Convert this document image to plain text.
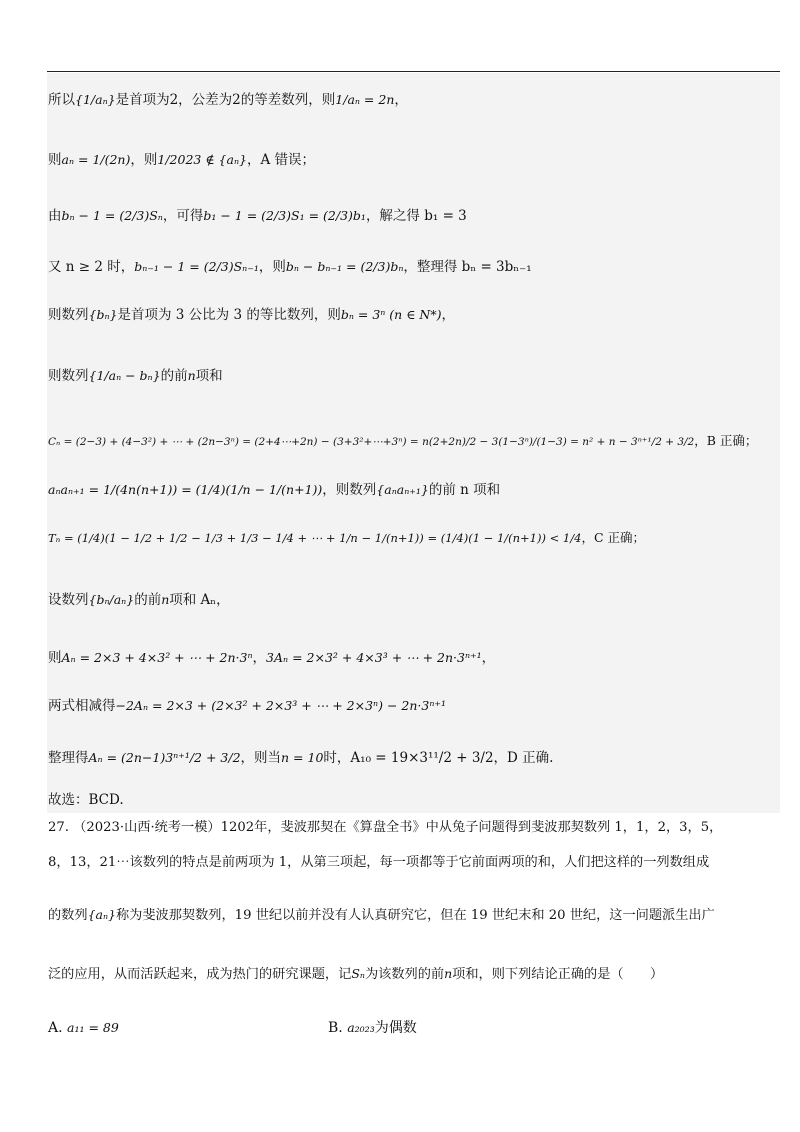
所以{1/aₙ}是首项为2，公差为2的等差数列，则1/aₙ = 2n，
则aₙ = 1/(2n)，则1/2023 ∉ {aₙ}，A 错误；
由bₙ − 1 = (2/3)Sₙ，可得b₁ − 1 = (2/3)S₁ = (2/3)b₁，解之得 b₁ = 3
又 n ≥ 2 时，bₙ₋₁ − 1 = (2/3)Sₙ₋₁，则bₙ − bₙ₋₁ = (2/3)bₙ，整理得 bₙ = 3bₙ₋₁
则数列{bₙ}是首项为 3 公比为 3 的等比数列，则bₙ = 3ⁿ (n ∈ N*)，
则数列{1/aₙ − bₙ}的前n项和
Cₙ = (2−3) + (4−3²) + ⋯ + (2n−3ⁿ) = (2+4⋯+2n) − (3+3²+⋯+3ⁿ) = n(2+2n)/2 − 3(1−3ⁿ)/(1−3) = n² + n − 3ⁿ⁺¹/2 + 3/2，B 正确；
aₙaₙ₊₁ = 1/(4n(n+1)) = (1/4)(1/n − 1/(n+1))，则数列{aₙaₙ₊₁}的前 n 项和
Tₙ = (1/4)(1 − 1/2 + 1/2 − 1/3 + 1/3 − 1/4 + ⋯ + 1/n − 1/(n+1)) = (1/4)(1 − 1/(n+1)) < 1/4，C 正确；
设数列{bₙ/aₙ}的前n项和 Aₙ，
则Aₙ = 2×3 + 4×3² + ⋯ + 2n·3ⁿ，3Aₙ = 2×3² + 4×3³ + ⋯ + 2n·3ⁿ⁺¹，
两式相减得−2Aₙ = 2×3 + (2×3² + 2×3³ + ⋯ + 2×3ⁿ) − 2n·3ⁿ⁺¹
整理得Aₙ = (2n−1)3ⁿ⁺¹/2 + 3/2，则当n = 10时，A₁₀ = 19×3¹¹/2 + 3/2，D 正确.
故选：BCD.
27. （2023·山西·统考一模）1202年，斐波那契在《算盘全书》中从兔子问题得到斐波那契数列 1，1，2，3，5，
8，13，21⋯该数列的特点是前两项为 1，从第三项起，每一项都等于它前面两项的和，人们把这样的一列数组成
的数列{aₙ}称为斐波那契数列，19 世纪以前并没有人认真研究它，但在 19 世纪末和 20 世纪，这一问题派生出广
泛的应用，从而活跃起来，成为热门的研究课题，记Sₙ为该数列的前n项和，则下列结论正确的是（　　）
A. a₁₁ = 89	B. a₂₀₂₃为偶数
